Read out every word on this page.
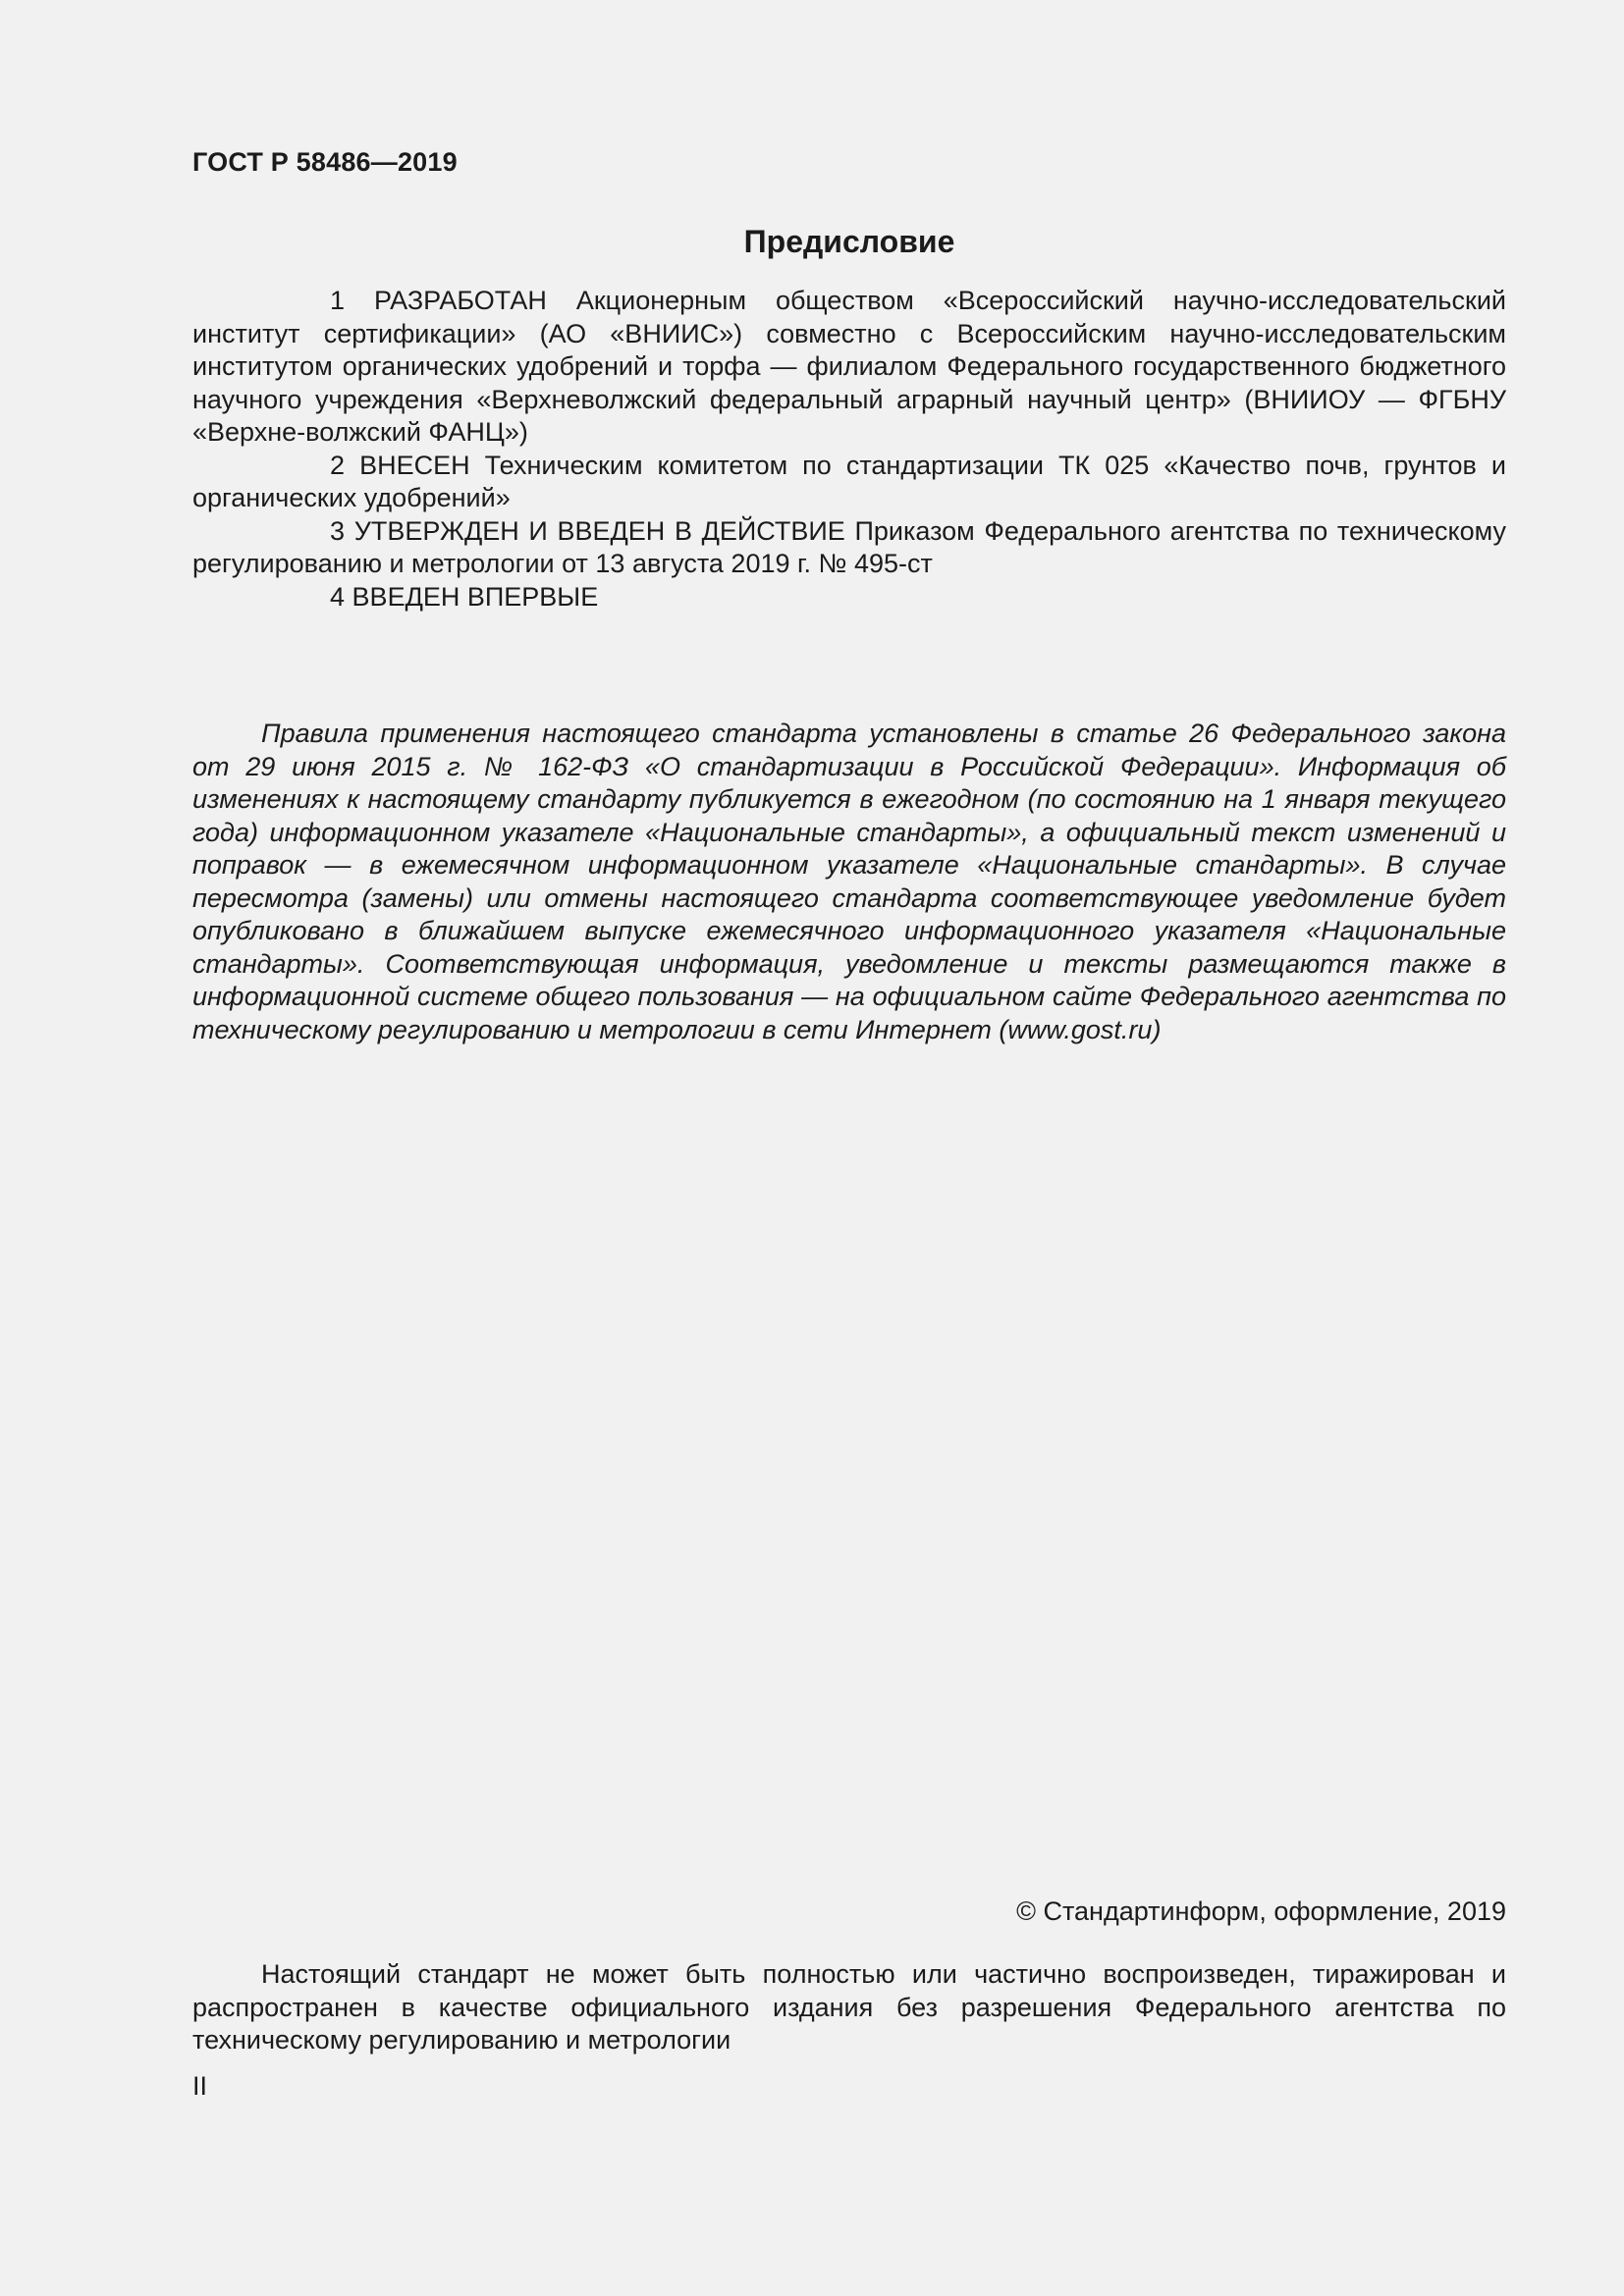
ГОСТ Р 58486—2019
Предисловие

1 РАЗРАБОТАН Акционерным обществом «Всероссийский научно-исследовательский институт сертификации» (АО «ВНИИС») совместно с Всероссийским научно-исследовательским институтом органических удобрений и торфа — филиалом Федерального государственного бюджетного научного учреждения «Верхневолжский федеральный аграрный научный центр» (ВНИИОУ — ФГБНУ «Верхне-волжский ФАНЦ»)

2 ВНЕСЕН Техническим комитетом по стандартизации ТК 025 «Качество почв, грунтов и органических удобрений»

3 УТВЕРЖДЕН И ВВЕДЕН В ДЕЙСТВИЕ Приказом Федерального агентства по техническому регулированию и метрологии от 13 августа 2019 г. № 495-ст

4 ВВЕДЕН ВПЕРВЫЕ

Правила применения настоящего стандарта установлены в статье 26 Федерального закона от 29 июня 2015 г. № 162-ФЗ «О стандартизации в Российской Федерации». Информация об изменениях к настоящему стандарту публикуется в ежегодном (по состоянию на 1 января текущего года) информационном указателе «Национальные стандарты», а официальный текст изменений и поправок — в ежемесячном информационном указателе «Национальные стандарты». В случае пересмотра (замены) или отмены настоящего стандарта соответствующее уведомление будет опубликовано в ближайшем выпуске ежемесячного информационного указателя «Национальные стандарты». Соответствующая информация, уведомление и тексты размещаются также в информационной системе общего пользования — на официальном сайте Федерального агентства по техническому регулированию и метрологии в сети Интернет (www.gost.ru)

© Стандартинформ, оформление, 2019

Настоящий стандарт не может быть полностью или частично воспроизведен, тиражирован и распространен в качестве официального издания без разрешения Федерального агентства по техническому регулированию и метрологии

II
